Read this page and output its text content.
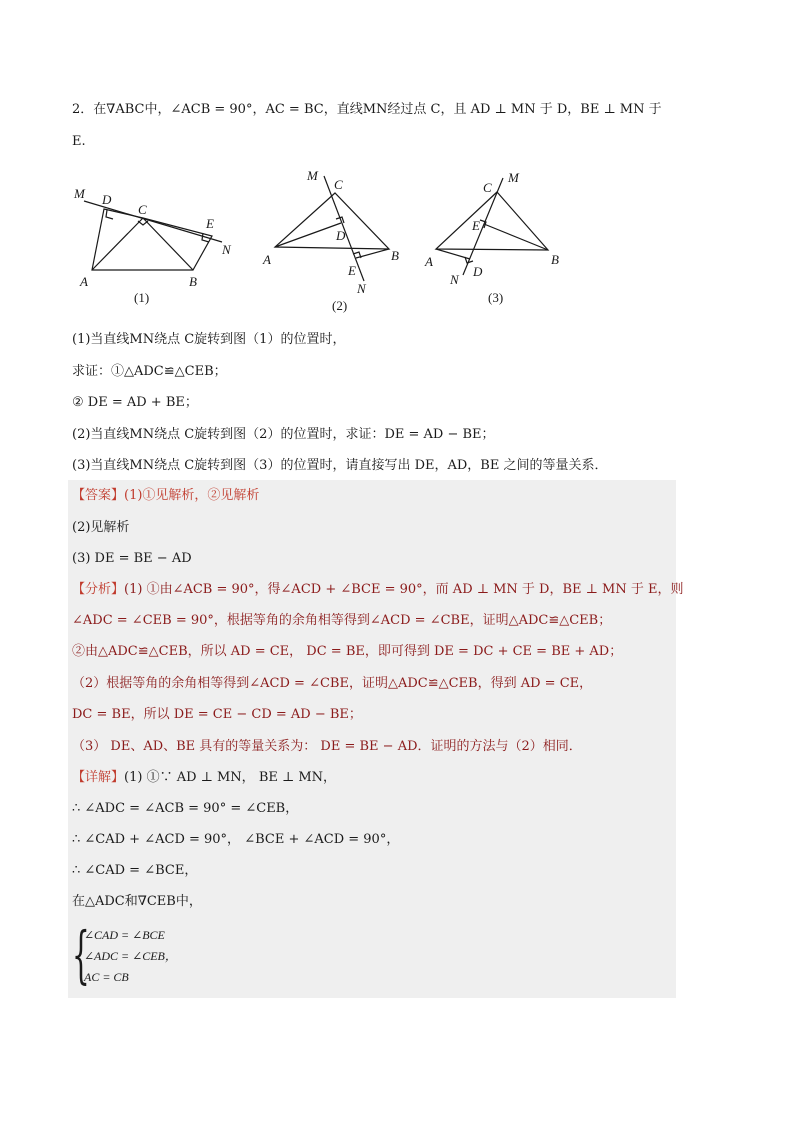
2．在∇ABC中，∠ACB = 90°，AC = BC，直线MN经过点 C，且 AD ⊥ MN 于 D，BE ⊥ MN 于
E.
M D
C
E
N
A	B
(1)
M
C
D
A	B
E
N
(2)
C
M
E
A
N
D
B
(3)
(1)当直线MN绕点 C旋转到图（1）的位置时，
求证：①△ADC≌△CEB；
② DE = AD + BE；
(2)当直线MN绕点 C旋转到图（2）的位置时，求证：DE = AD − BE；
(3)当直线MN绕点 C旋转到图（3）的位置时，请直接写出 DE，AD，BE 之间的等量关系．
【答案】(1)①见解析，②见解析
(2)见解析
(3) DE = BE − AD
【分析】(1) ①由∠ACB = 90°，得∠ACD + ∠BCE = 90°，而 AD ⊥ MN 于 D，BE ⊥ MN 于 E，则
∠ADC = ∠CEB = 90°，根据等角的余角相等得到∠ACD = ∠CBE，证明△ADC≌△CEB；
②由△ADC≌△CEB，所以 AD = CE， DC = BE，即可得到 DE = DC + CE = BE + AD；
（2）根据等角的余角相等得到∠ACD = ∠CBE，证明△ADC≌△CEB，得到 AD = CE，
DC = BE，所以 DE = CE − CD = AD − BE；
（3） DE、AD、BE 具有的等量关系为： DE = BE − AD．证明的方法与（2）相同．
【详解】(1) ①∵ AD ⊥ MN， BE ⊥ MN，
∴ ∠ADC = ∠ACB = 90° = ∠CEB，
∴ ∠CAD + ∠ACD = 90°， ∠BCE + ∠ACD = 90°，
∴ ∠CAD = ∠BCE，
在△ADC和∇CEB中，
{
∠CAD = ∠BCE
∠ADC = ∠CEB，
AC = CB
